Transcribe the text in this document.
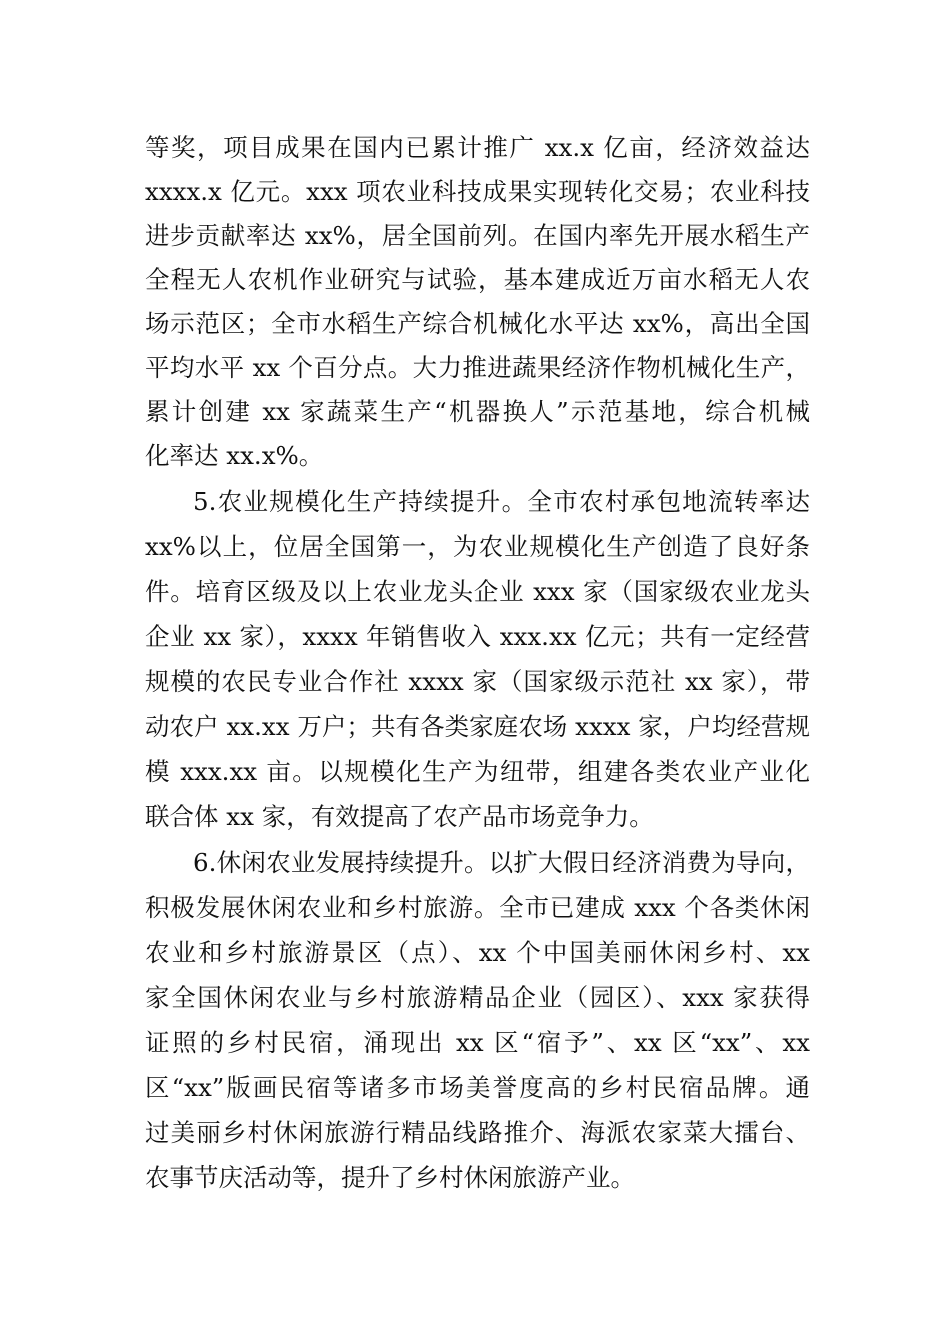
等奖，项目成果在国内已累计推广 xx.x 亿亩，经济效益达
xxxx.x 亿元。xxx 项农业科技成果实现转化交易；农业科技
进步贡献率达 xx%，居全国前列。在国内率先开展水稻生产
全程无人农机作业研究与试验，基本建成近万亩水稻无人农
场示范区；全市水稻生产综合机械化水平达 xx%，高出全国
平均水平 xx 个百分点。大力推进蔬果经济作物机械化生产，
累计创建 xx 家蔬菜生产“机器换人”示范基地，综合机械
化率达 xx.x%。
5.农业规模化生产持续提升。全市农村承包地流转率达
xx%以上，位居全国第一，为农业规模化生产创造了良好条
件。培育区级及以上农业龙头企业 xxx 家（国家级农业龙头
企业 xx 家），xxxx 年销售收入 xxx.xx 亿元；共有一定经营
规模的农民专业合作社 xxxx 家（国家级示范社 xx 家），带
动农户 xx.xx 万户；共有各类家庭农场 xxxx 家，户均经营规
模 xxx.xx 亩。以规模化生产为纽带，组建各类农业产业化
联合体 xx 家，有效提高了农产品市场竞争力。
6.休闲农业发展持续提升。以扩大假日经济消费为导向，
积极发展休闲农业和乡村旅游。全市已建成 xxx 个各类休闲
农业和乡村旅游景区（点）、xx 个中国美丽休闲乡村、xx
家全国休闲农业与乡村旅游精品企业（园区）、xxx 家获得
证照的乡村民宿，涌现出 xx 区“宿予”、xx 区“xx”、xx
区“xx”版画民宿等诸多市场美誉度高的乡村民宿品牌。通
过美丽乡村休闲旅游行精品线路推介、海派农家菜大擂台、
农事节庆活动等，提升了乡村休闲旅游产业。
